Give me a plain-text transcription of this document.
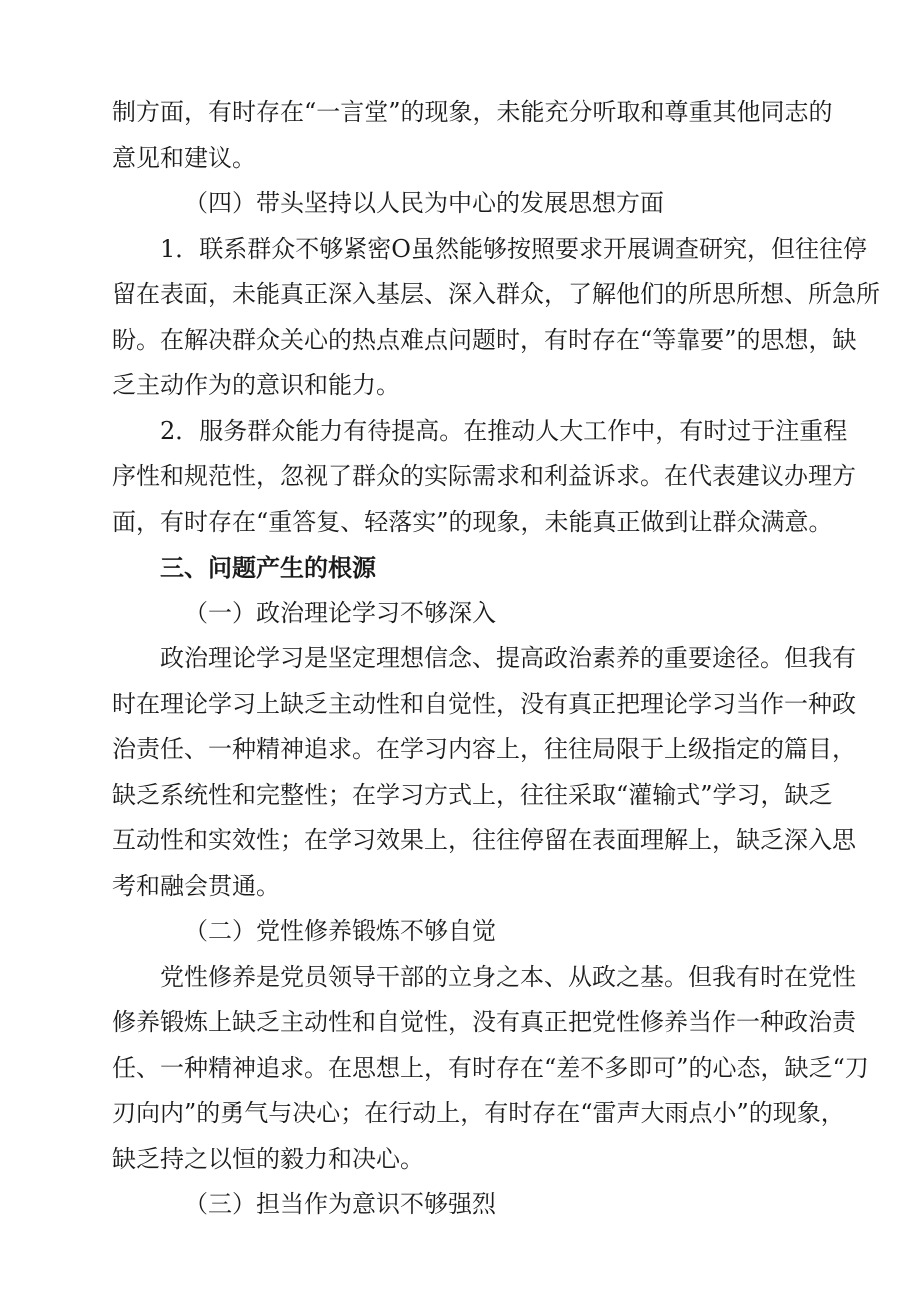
制方面，有时存在“一言堂”的现象，未能充分听取和尊重其他同志的
意见和建议。
（四）带头坚持以人民为中心的发展思想方面
1．联系群众不够紧密O虽然能够按照要求开展调查研究，但往往停
留在表面，未能真正深入基层、深入群众，了解他们的所思所想、所急所
盼。在解决群众关心的热点难点问题时，有时存在“等靠要”的思想，缺
乏主动作为的意识和能力。
2．服务群众能力有待提高。在推动人大工作中，有时过于注重程
序性和规范性，忽视了群众的实际需求和利益诉求。在代表建议办理方
面，有时存在“重答复、轻落实”的现象，未能真正做到让群众满意。
三、问题产生的根源
（一）政治理论学习不够深入
政治理论学习是坚定理想信念、提高政治素养的重要途径。但我有
时在理论学习上缺乏主动性和自觉性，没有真正把理论学习当作一种政
治责任、一种精神追求。在学习内容上，往往局限于上级指定的篇目，
缺乏系统性和完整性；在学习方式上，往往采取“灌输式”学习，缺乏
互动性和实效性；在学习效果上，往往停留在表面理解上，缺乏深入思
考和融会贯通。
（二）党性修养锻炼不够自觉
党性修养是党员领导干部的立身之本、从政之基。但我有时在党性
修养锻炼上缺乏主动性和自觉性，没有真正把党性修养当作一种政治责
任、一种精神追求。在思想上，有时存在“差不多即可”的心态，缺乏“刀
刃向内”的勇气与决心；在行动上，有时存在“雷声大雨点小”的现象，
缺乏持之以恒的毅力和决心。
（三）担当作为意识不够强烈
